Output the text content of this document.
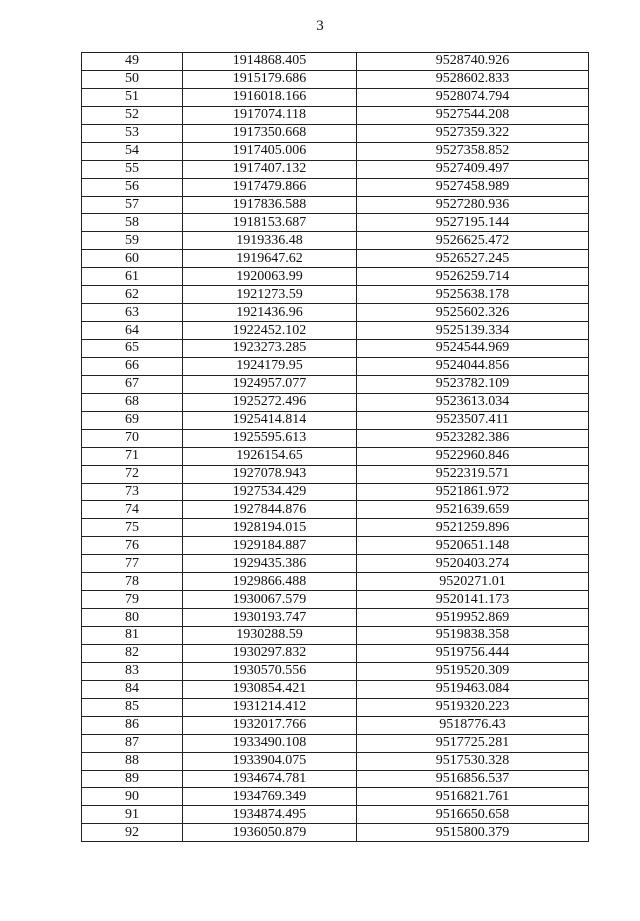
3
49	1914868.405	9528740.926
50	1915179.686	9528602.833
51	1916018.166	9528074.794
52	1917074.118	9527544.208
53	1917350.668	9527359.322
54	1917405.006	9527358.852
55	1917407.132	9527409.497
56	1917479.866	9527458.989
57	1917836.588	9527280.936
58	1918153.687	9527195.144
59	1919336.48	9526625.472
60	1919647.62	9526527.245
61	1920063.99	9526259.714
62	1921273.59	9525638.178
63	1921436.96	9525602.326
64	1922452.102	9525139.334
65	1923273.285	9524544.969
66	1924179.95	9524044.856
67	1924957.077	9523782.109
68	1925272.496	9523613.034
69	1925414.814	9523507.411
70	1925595.613	9523282.386
71	1926154.65	9522960.846
72	1927078.943	9522319.571
73	1927534.429	9521861.972
74	1927844.876	9521639.659
75	1928194.015	9521259.896
76	1929184.887	9520651.148
77	1929435.386	9520403.274
78	1929866.488	9520271.01
79	1930067.579	9520141.173
80	1930193.747	9519952.869
81	1930288.59	9519838.358
82	1930297.832	9519756.444
83	1930570.556	9519520.309
84	1930854.421	9519463.084
85	1931214.412	9519320.223
86	1932017.766	9518776.43
87	1933490.108	9517725.281
88	1933904.075	9517530.328
89	1934674.781	9516856.537
90	1934769.349	9516821.761
91	1934874.495	9516650.658
92	1936050.879	9515800.379
